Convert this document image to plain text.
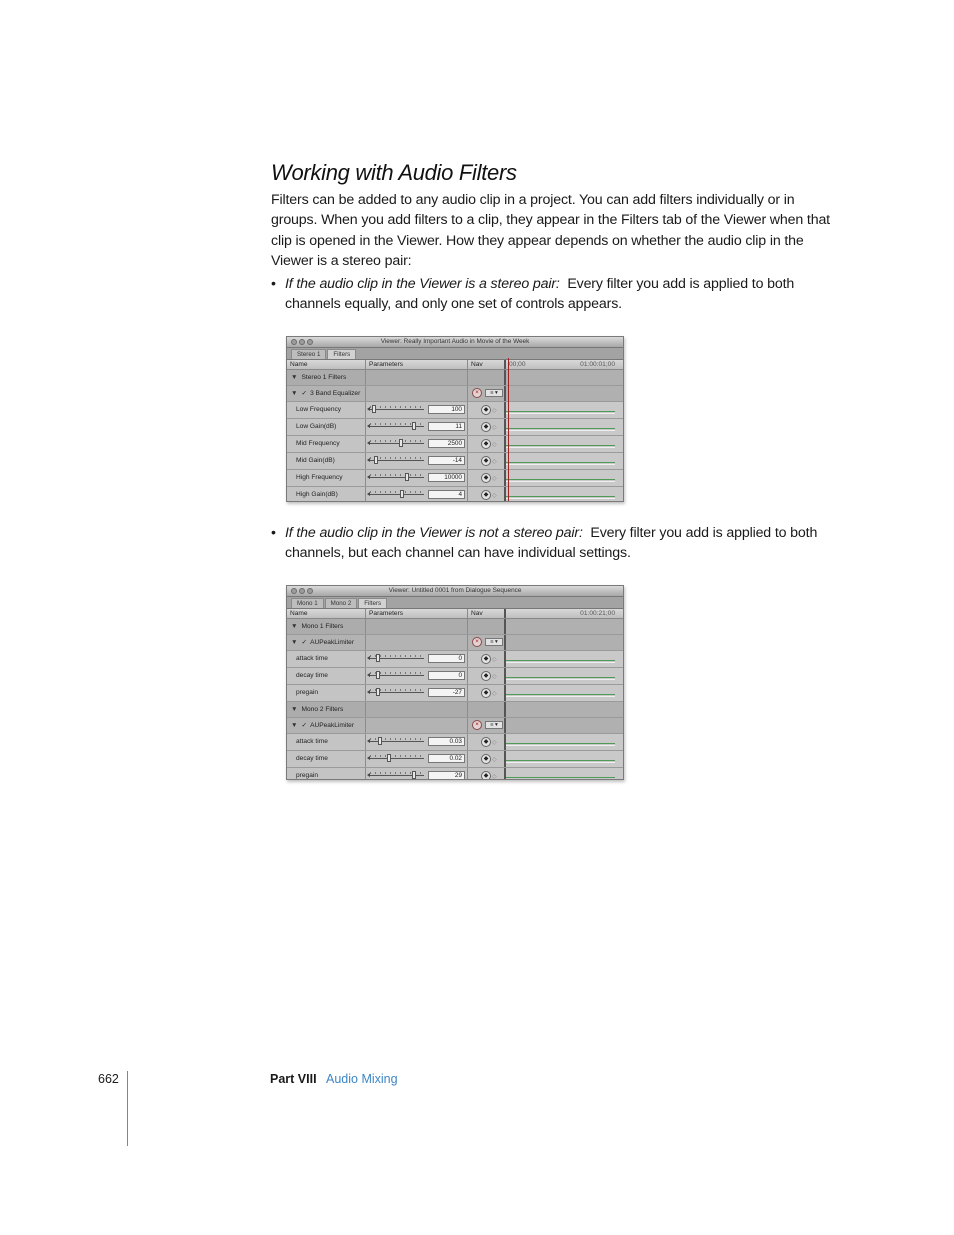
Working with Audio Filters

Filters can be added to any audio clip in a project. You can add filters individually or in groups. When you add filters to a clip, they appear in the Filters tab of the Viewer when that clip is opened in the Viewer. How they appear depends on whether the audio clip in the Viewer is a stereo pair:

• If the audio clip in the Viewer is a stereo pair: Every filter you add is applied to both channels equally, and only one set of controls appears.

Viewer: Really Important Audio in Movie of the Week
Stereo 1	Filters
Name	Parameters	Nav	00;00	01:00:01;00
▼ Stereo 1 Filters
▼ ✓ 3 Band Equalizer	×	≡ ▾
Low Frequency	100	◆ ◇
Low Gain(dB)	11	◆ ◇
Mid Frequency	2500	◆ ◇
Mid Gain(dB)	-14	◆ ◇
High Frequency	10000	◆ ◇
High Gain(dB)	4	◆ ◇

• If the audio clip in the Viewer is not a stereo pair: Every filter you add is applied to both channels, but each channel can have individual settings.

Viewer: Untitled 0001 from Dialogue Sequence
Mono 1	Mono 2	Filters
Name	Parameters	Nav	01:00:21;00
▼ Mono 1 Filters
▼ ✓ AUPeakLimiter	×	≡ ▾
attack time	0	◆ ◇
decay time	0	◆ ◇
pregain	-27	◆ ◇
▼ Mono 2 Filters
▼ ✓ AUPeakLimiter	×	≡ ▾
attack time	0.03	◆ ◇
decay time	0.02	◆ ◇
pregain	29	◆ ◇

662	Part VIII Audio Mixing
